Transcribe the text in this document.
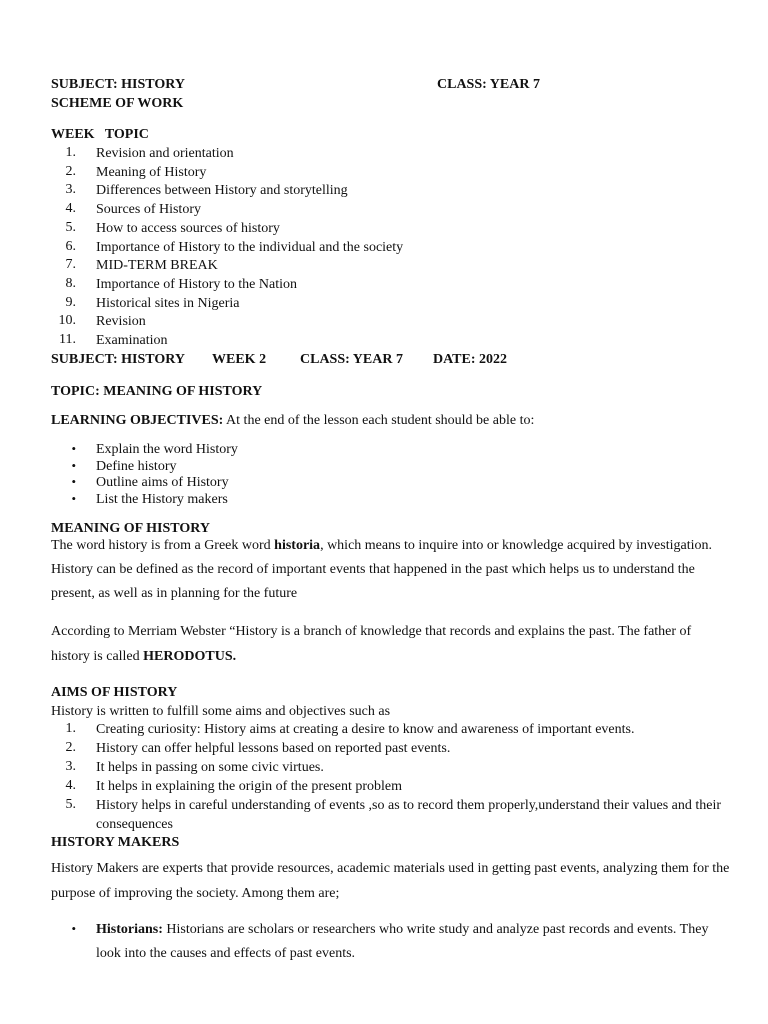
SUBJECT: HISTORY	CLASS: YEAR 7
SCHEME OF WORK
WEEK   TOPIC
1. Revision and orientation
2. Meaning of History
3. Differences between History and storytelling
4. Sources of History
5. How to access sources of history
6. Importance of History to the individual and the society
7. MID-TERM BREAK
8. Importance of History to the Nation
9. Historical sites in Nigeria
10. Revision
11. Examination
SUBJECT: HISTORY WEEK 2 CLASS: YEAR 7 DATE: 2022
TOPIC: MEANING OF HISTORY
LEARNING OBJECTIVES: At the end of the lesson each student should be able to:
• Explain the word History
• Define history
• Outline aims of History
• List the History makers
MEANING OF HISTORY
The word history is from a Greek word historia, which means to inquire into or knowledge acquired by investigation.
History can be defined as the record of important events that happened in the past which helps us to understand the
present, as well as in planning for the future
According to Merriam Webster “History is a branch of knowledge that records and explains the past. The father of
history is called HERODOTUS.
AIMS OF HISTORY
History is written to fulfill some aims and objectives such as
1. Creating curiosity: History aims at creating a desire to know and awareness of important events.
2. History can offer helpful lessons based on reported past events.
3. It helps in passing on some civic virtues.
4. It helps in explaining the origin of the present problem
5. History helps in careful understanding of events ,so as to record them properly,understand their values and their
consequences
HISTORY MAKERS
History Makers are experts that provide resources, academic materials used in getting past events, analyzing them for the
purpose of improving the society. Among them are;
• Historians: Historians are scholars or researchers who write study and analyze past records and events. They
look into the causes and effects of past events.
